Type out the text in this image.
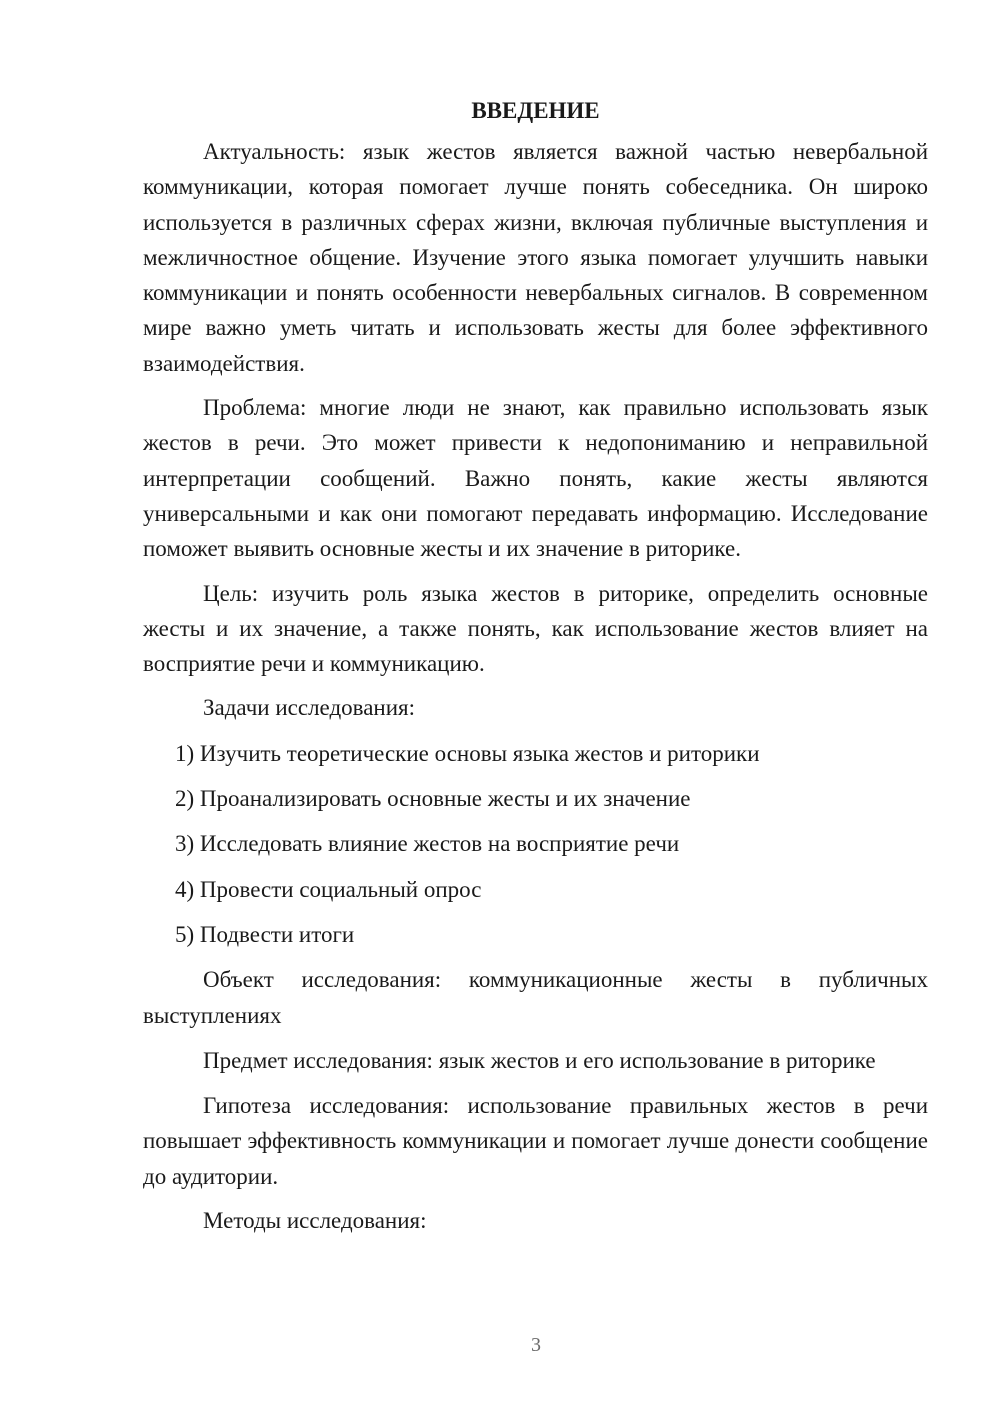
ВВЕДЕНИЕ

Актуальность: язык жестов является важной частью невербальной коммуникации, которая помогает лучше понять собеседника. Он широко используется в различных сферах жизни, включая публичные выступления и межличностное общение. Изучение этого языка помогает улучшить навыки коммуникации и понять особенности невербальных сигналов. В современном мире важно уметь читать и использовать жесты для более эффективного взаимодействия.

Проблема: многие люди не знают, как правильно использовать язык жестов в речи. Это может привести к недопониманию и неправильной интерпретации сообщений. Важно понять, какие жесты являются универсальными и как они помогают передавать информацию. Исследование поможет выявить основные жесты и их значение в риторике.

Цель: изучить роль языка жестов в риторике, определить основные жесты и их значение, а также понять, как использование жестов влияет на восприятие речи и коммуникацию.

Задачи исследования:

1) Изучить теоретические основы языка жестов и риторики

2) Проанализировать основные жесты и их значение

3) Исследовать влияние жестов на восприятие речи

4) Провести социальный опрос

5) Подвести итоги

Объект исследования: коммуникационные жесты в публичных выступлениях

Предмет исследования: язык жестов и его использование в риторике

Гипотеза исследования: использование правильных жестов в речи повышает эффективность коммуникации и помогает лучше донести сообщение до аудитории.

Методы исследования:

3
